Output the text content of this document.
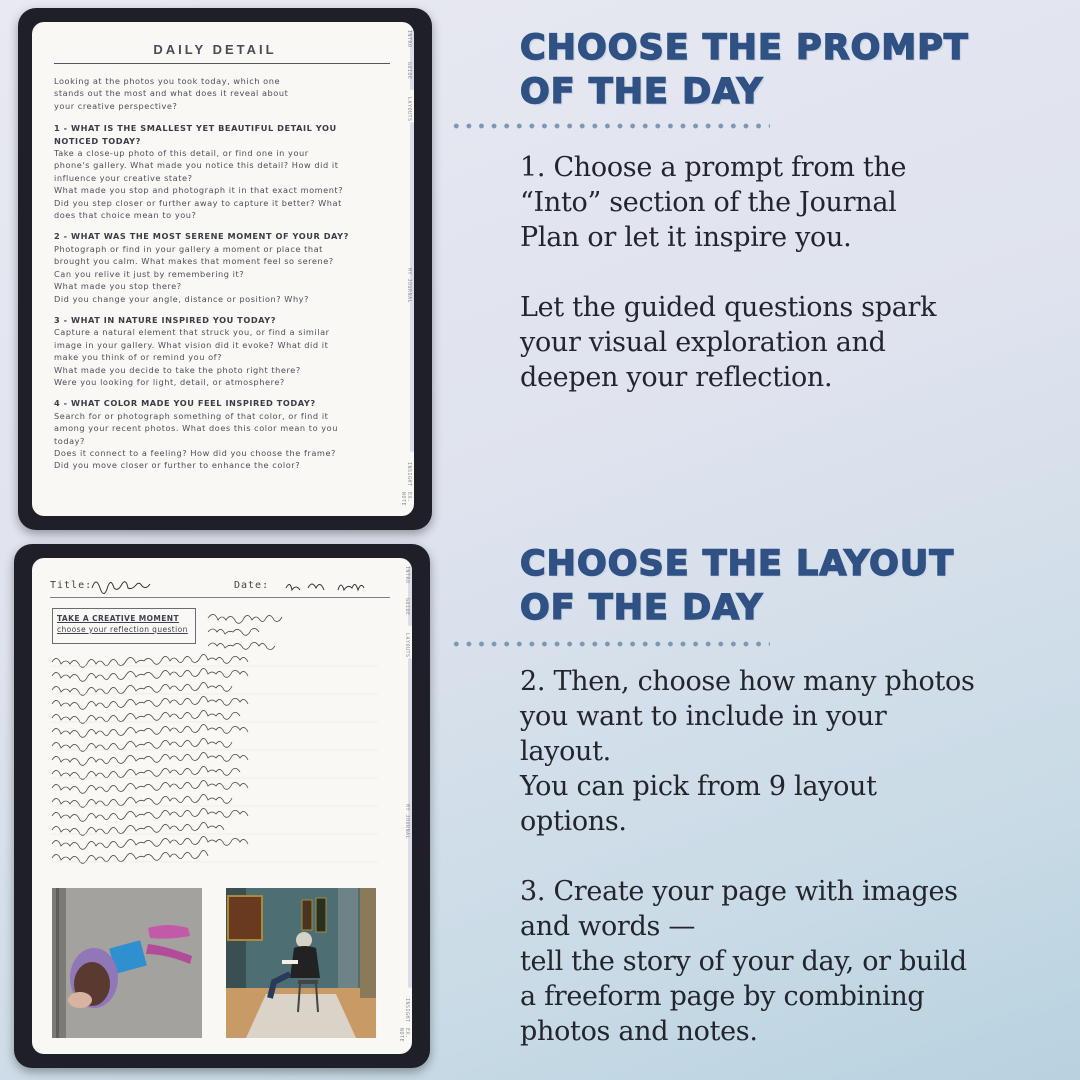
DAILY DETAIL
Looking at the photos you took today, which one
stands out the most and what does it reveal about
your creative perspective?
1 - WHAT IS THE SMALLEST YET BEAUTIFUL DETAIL YOU
NOTICED TODAY?
Take a close-up photo of this detail, or find one in your
phone's gallery. What made you notice this detail? How did it
influence your creative state?
What made you stop and photograph it in that exact moment?
Did you step closer or further away to capture it better? What
does that choice mean to you?
2 - WHAT WAS THE MOST SERENE MOMENT OF YOUR DAY?
Photograph or find in your gallery a moment or place that
brought you calm. What makes that moment feel so serene?
Can you relive it just by remembering it?
What made you stop there?
Did you change your angle, distance or position? Why?
3 - WHAT IN NATURE INSPIRED YOU TODAY?
Capture a natural element that struck you, or find a similar
image in your gallery. What vision did it evoke? What did it
make you think of or remind you of?
What made you decide to take the photo right there?
Were you looking for light, detail, or atmosphere?
4 - WHAT COLOR MADE YOU FEEL INSPIRED TODAY?
Search for or photograph something of that color, or find it
among your recent photos. What does this color mean to you
today?
Does it connect to a feeling? How did you choose the frame?
Did you move closer or further to enhance the color?
INTRO
GUIDE
LAYOUTS
MY JOURNAL
INSIGHT
EX. NOTE
Title:	Date:
TAKE A CREATIVE MOMENT
choose your reflection question
INTRO
GUIDE
LAYOUTS
MY JOURNAL
INSIGHT
EX. NOTE
CHOOSE THE PROMPT
OF THE DAY
1. Choose a prompt from the
“Into” section of the Journal
Plan or let it inspire you.
Let the guided questions spark
your visual exploration and
deepen your reflection.
CHOOSE THE LAYOUT
OF THE DAY
2. Then, choose how many photos
you want to include in your
layout.
You can pick from 9 layout
options.

3. Create your page with images
and words —
tell the story of your day, or build
a freeform page by combining
photos and notes.
